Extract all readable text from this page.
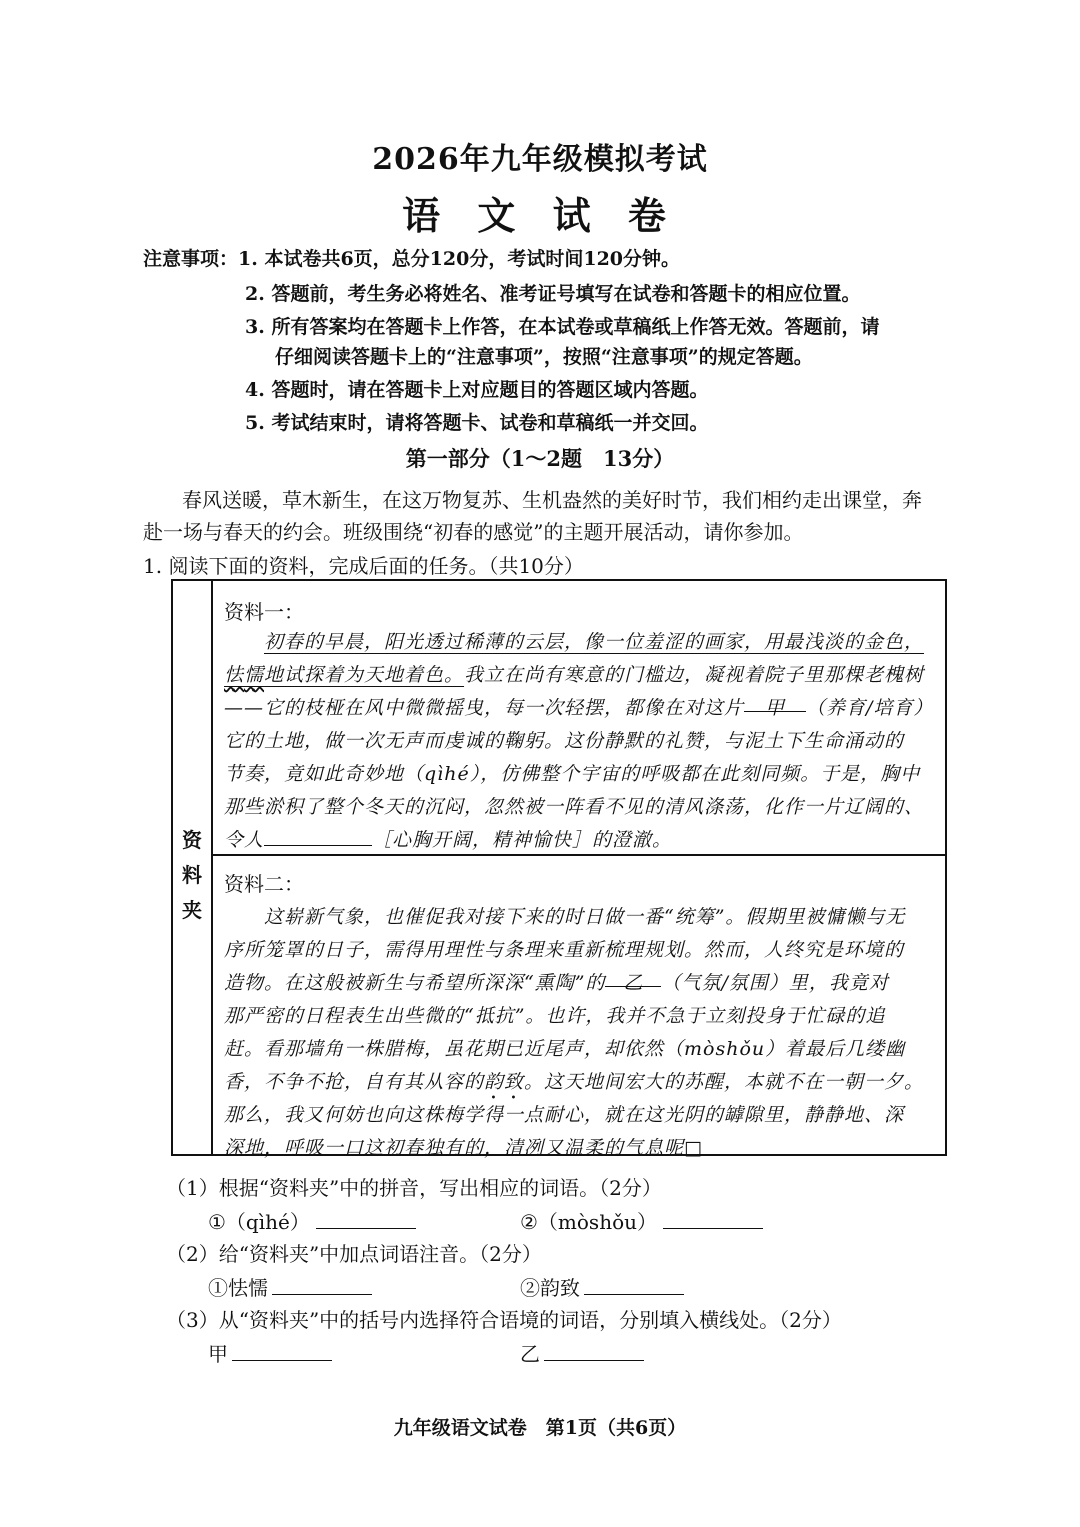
2026年九年级模拟考试
语 文 试 卷
注意事项：1. 本试卷共6页，总分120分，考试时间120分钟。
2. 答题前，考生务必将姓名、准考证号填写在试卷和答题卡的相应位置。
3. 所有答案均在答题卡上作答，在本试卷或草稿纸上作答无效。答题前，请
仔细阅读答题卡上的“注意事项”，按照“注意事项”的规定答题。
4. 答题时，请在答题卡上对应题目的答题区域内答题。
5. 考试结束时，请将答题卡、试卷和草稿纸一并交回。
第一部分（1～2题　13分）
春风送暖，草木新生，在这万物复苏、生机盎然的美好时节，我们相约走出课堂，奔
赴一场与春天的约会。班级围绕“初春的感觉”的主题开展活动，请你参加。
1. 阅读下面的资料，完成后面的任务。（共10分）
资料夹
资料一：
初春的早晨，阳光透过稀薄的云层，像一位羞涩的画家，用最浅淡的金色，
怯懦地试探着为天地着色。我立在尚有寒意的门槛边，凝视着院子里那棵老槐树
——它的枝桠在风中微微摇曳，每一次轻摆，都像在对这片 甲 （养育/培育）
它的土地，做一次无声而虔诚的鞠躬。这份静默的礼赞，与泥土下生命涌动的
节奏，竟如此奇妙地（qìhé），仿佛整个宇宙的呼吸都在此刻同频。于是，胸中
那些淤积了整个冬天的沉闷，忽然被一阵看不见的清风涤荡，化作一片辽阔的、
令人	［心胸开阔，精神愉快］的澄澈。
资料二：
这崭新气象，也催促我对接下来的时日做一番“统筹”。假期里被慵懒与无
序所笼罩的日子，需得用理性与条理来重新梳理规划。然而，人终究是环境的
造物。在这般被新生与希望所深深“熏陶”的 乙 （气氛/氛围）里，我竟对
那严密的日程表生出些微的“抵抗”。也许，我并不急于立刻投身于忙碌的追
赶。看那墙角一株腊梅，虽花期已近尾声，却依然（mòshǒu）着最后几缕幽
香，不争不抢，自有其从容的韵致。这天地间宏大的苏醒，本就不在一朝一夕。
那么，我又何妨也向这株梅学得一点耐心，就在这光阴的罅隙里，静静地、深
深地，呼吸一口这初春独有的，清冽又温柔的气息呢□
（1）根据“资料夹”中的拼音，写出相应的词语。（2分）
①（qìhé）	②（mòshǒu）
（2）给“资料夹”中加点词语注音。（2分）
①怯懦	②韵致
（3）从“资料夹”中的括号内选择符合语境的词语，分别填入横线处。（2分）
甲	乙
九年级语文试卷　第1页（共6页）
